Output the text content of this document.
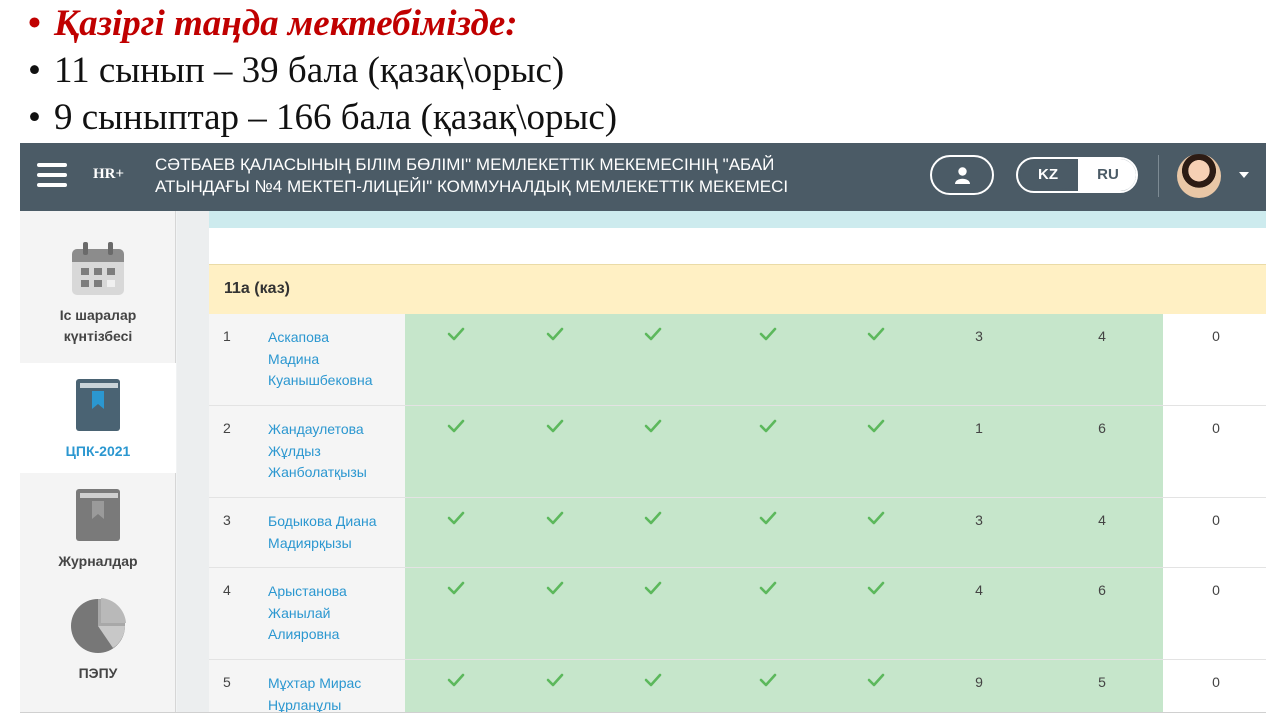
• Қазіргі таңда мектебімізде:
• 11 сынып – 39 бала (қазақ\орыс)
• 9 сыныптар – 166 бала (қазақ\орыс)
HR+ СӘТБАЕВ ҚАЛАСЫНЫҢ БІЛІМ БӨЛІМІ" МЕМЛЕКЕТТІК МЕКЕМЕСІНІҢ "АБАЙ
АТЫНДАҒЫ №4 МЕКТЕП-ЛИЦЕЙІ" КОММУНАЛДЫҚ МЕМЛЕКЕТТІК МЕКЕМЕСІ
KZ	RU
Іс шаралар
күнтізбесі
ЦПК-2021
Журналдар
ПЭПУ
11а (каз)
1	Аскапова
Мадина
Куанышбековна
3	4	0
2	Жандаулетова
Жұлдыз
Жанболатқызы
1	6	0
3	Бодыкова Диана
Мадиярқызы
3	4	0
4	Арыстанова
Жанылай
Алияровна
4	6	0
5	Мұхтар Мирас
Нұрланұлы
9	5	0
